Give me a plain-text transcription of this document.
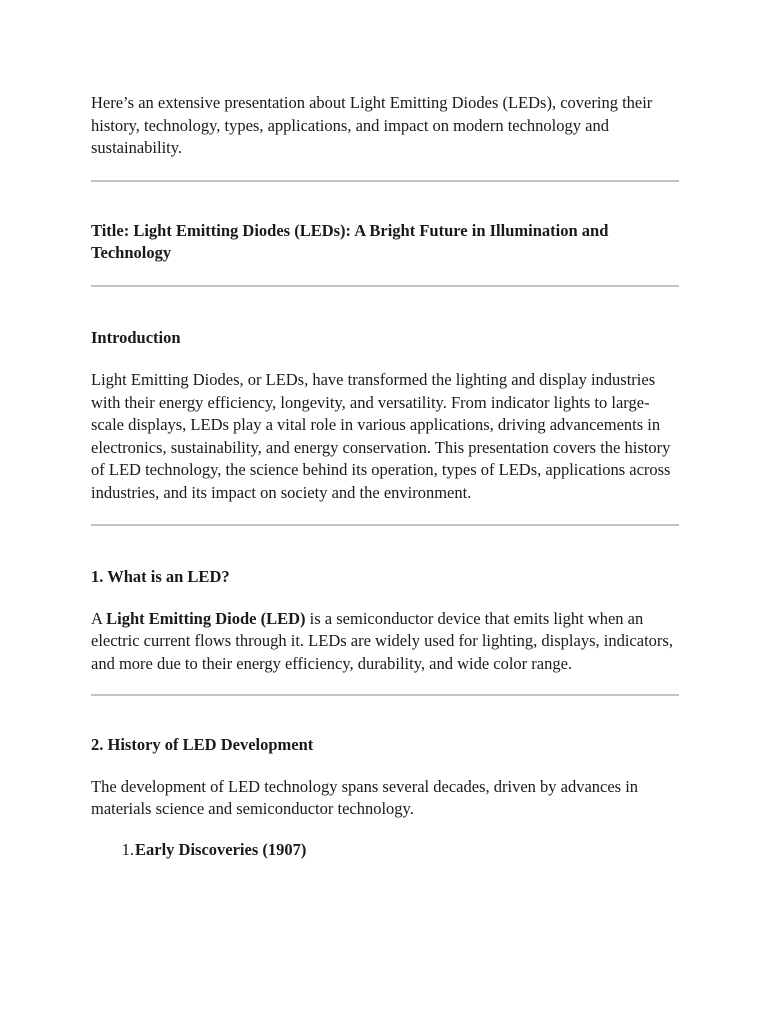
Here’s an extensive presentation about Light Emitting Diodes (LEDs), covering their history, technology, types, applications, and impact on modern technology and sustainability.

Title: Light Emitting Diodes (LEDs): A Bright Future in Illumination and Technology

Introduction

Light Emitting Diodes, or LEDs, have transformed the lighting and display industries with their energy efficiency, longevity, and versatility. From indicator lights to large-scale displays, LEDs play a vital role in various applications, driving advancements in electronics, sustainability, and energy conservation. This presentation covers the history of LED technology, the science behind its operation, types of LEDs, applications across industries, and its impact on society and the environment.

1. What is an LED?

A Light Emitting Diode (LED) is a semiconductor device that emits light when an electric current flows through it. LEDs are widely used for lighting, displays, indicators, and more due to their energy efficiency, durability, and wide color range.

2. History of LED Development

The development of LED technology spans several decades, driven by advances in materials science and semiconductor technology.

1. Early Discoveries (1907)
